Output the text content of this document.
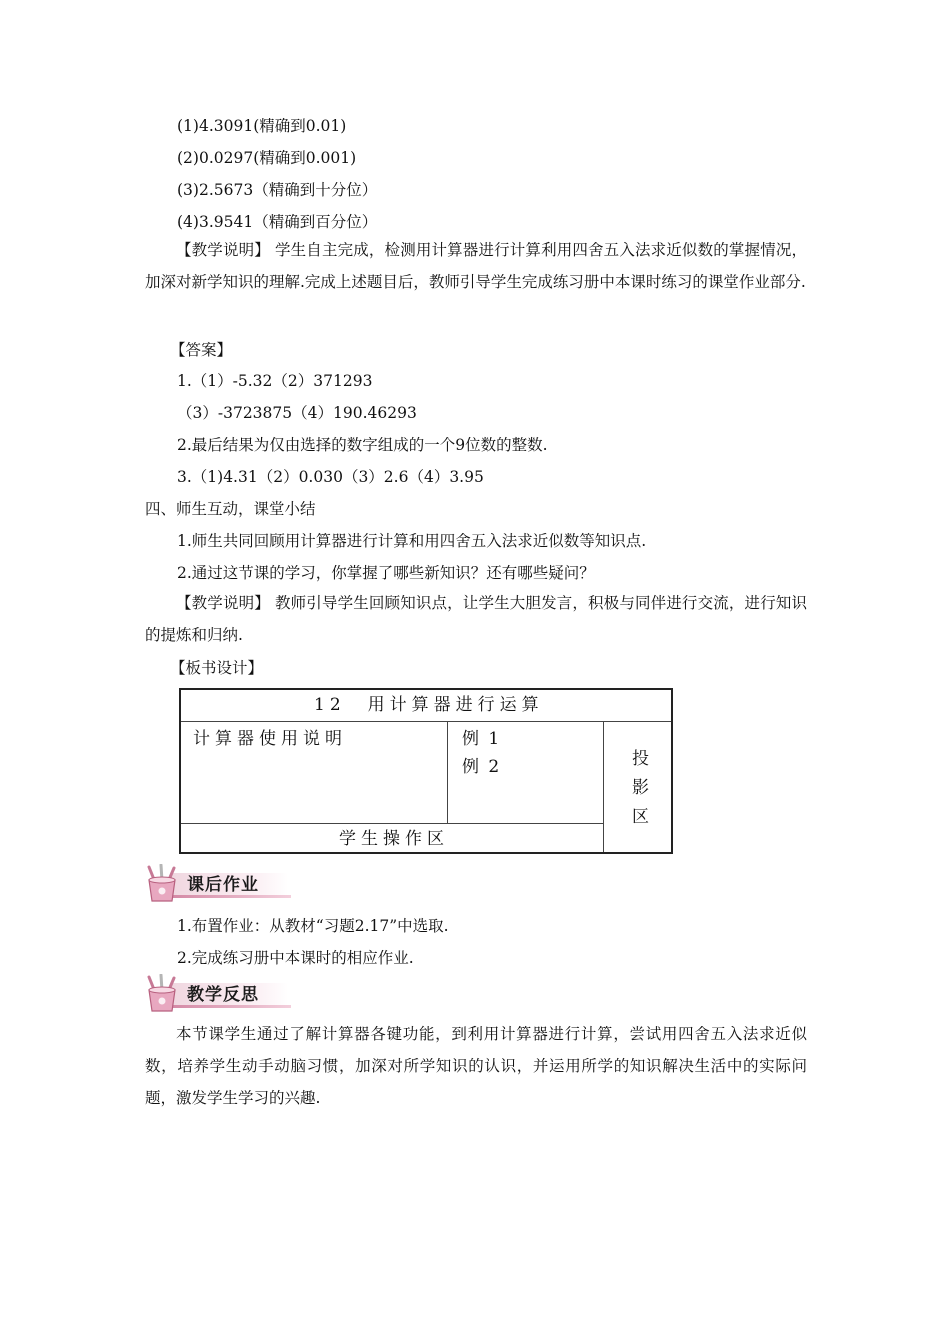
(1)4.3091(精确到0.01)
(2)0.0297(精确到0.001)
(3)2.5673（精确到十分位）
(4)3.9541（精确到百分位）
【教学说明】 学生自主完成，检测用计算器进行计算利用四舍五入法求近似数的掌握情况，加深对新学知识的理解.完成上述题目后，教师引导学生完成练习册中本课时练习的课堂作业部分.
【答案】
1.（1）-5.32（2）371293
（3）-3723875（4）190.46293
2.最后结果为仅由选择的数字组成的一个9位数的整数.
3.（1)4.31（2）0.030（3）2.6（4）3.95
四、师生互动，课堂小结
1.师生共同回顾用计算器进行计算和用四舍五入法求近似数等知识点.
2.通过这节课的学习，你掌握了哪些新知识？还有哪些疑问？
【教学说明】 教师引导学生回顾知识点，让学生大胆发言，积极与同伴进行交流，进行知识的提炼和归纳.
【板书设计】
12　用计算器进行运算
计算器使用说明	例 1
例 2	投
影
区
学生操作区
课后作业
1.布置作业：从教材“习题2.17”中选取.
2.完成练习册中本课时的相应作业.
教学反思
本节课学生通过了解计算器各键功能，到利用计算器进行计算，尝试用四舍五入法求近似数，培养学生动手动脑习惯，加深对所学知识的认识，并运用所学的知识解决生活中的实际问题，激发学生学习的兴趣.
